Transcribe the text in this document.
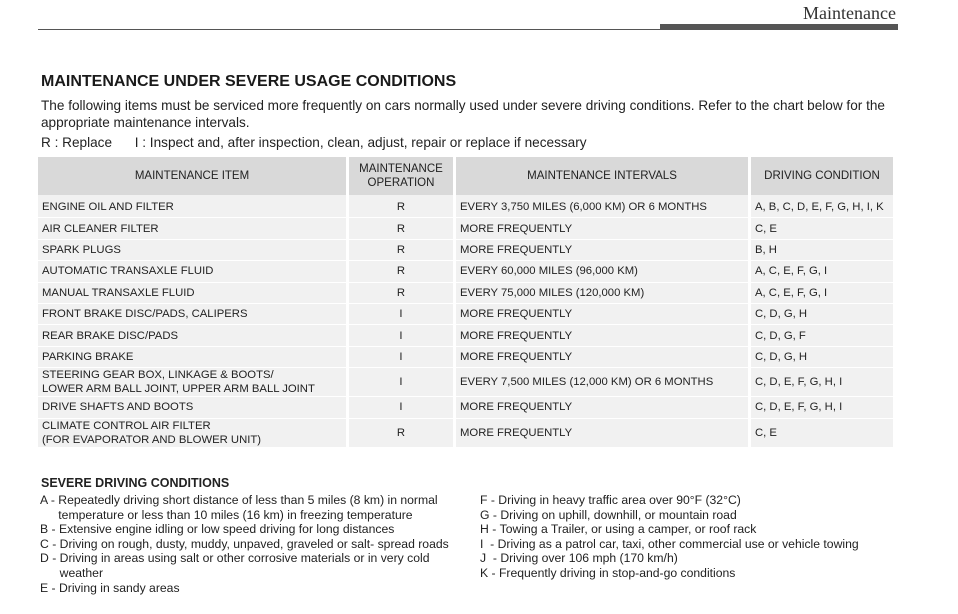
Maintenance
MAINTENANCE UNDER SEVERE USAGE CONDITIONS
The following items must be serviced more frequently on cars normally used under severe driving conditions. Refer to the chart below for the appropriate maintenance intervals.
R : Replace I : Inspect and, after inspection, clean, adjust, repair or replace if necessary
MAINTENANCE ITEM	MAINTENANCE OPERATION	MAINTENANCE INTERVALS	DRIVING CONDITION

ENGINE OIL AND FILTER	R	EVERY 3,750 MILES (6,000 KM) OR 6 MONTHS	A, B, C, D, E, F, G, H, I, K

AIR CLEANER FILTER	R	MORE FREQUENTLY	C, E

SPARK PLUGS	R	MORE FREQUENTLY	B, H

AUTOMATIC TRANSAXLE FLUID	R	EVERY 60,000 MILES (96,000 KM)	A, C, E, F, G, I

MANUAL TRANSAXLE FLUID	R	EVERY 75,000 MILES (120,000 KM)	A, C, E, F, G, I

FRONT BRAKE DISC/PADS, CALIPERS	I	MORE FREQUENTLY	C, D, G, H

REAR BRAKE DISC/PADS	I	MORE FREQUENTLY	C, D, G, F

PARKING BRAKE	I	MORE FREQUENTLY	C, D, G, H

STEERING GEAR BOX, LINKAGE & BOOTS/
LOWER ARM BALL JOINT, UPPER ARM BALL JOINT	I	EVERY 7,500 MILES (12,000 KM) OR 6 MONTHS	C, D, E, F, G, H, I

DRIVE SHAFTS AND BOOTS	I	MORE FREQUENTLY	C, D, E, F, G, H, I

CLIMATE CONTROL AIR FILTER
(FOR EVAPORATOR AND BLOWER UNIT)	R	MORE FREQUENTLY	C, E
SEVERE DRIVING CONDITIONS
A - Repeatedly driving short distance of less than 5 miles (8 km) in normal temperature or less than 10 miles (16 km) in freezing temperature
B - Extensive engine idling or low speed driving for long distances
C - Driving on rough, dusty, muddy, unpaved, graveled or salt- spread roads
D - Driving in areas using salt or other corrosive materials or in very cold weather
E - Driving in sandy areas
F - Driving in heavy traffic area over 90°F (32°C)
G - Driving on uphill, downhill, or mountain road
H - Towing a Trailer, or using a camper, or roof rack
I  - Driving as a patrol car, taxi, other commercial use or vehicle towing
J  - Driving over 106 mph (170 km/h)
K - Frequently driving in stop-and-go conditions
